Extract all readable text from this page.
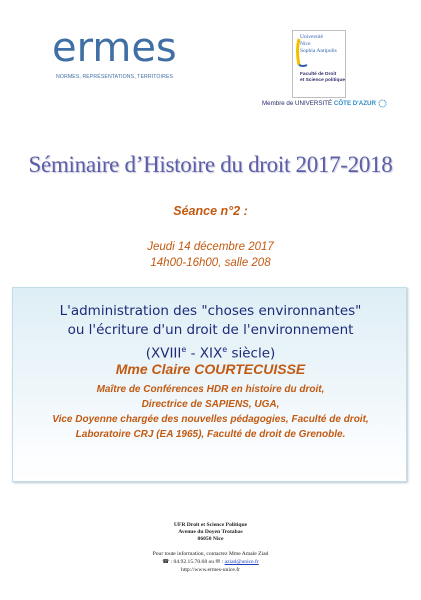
ermes
NORMES, REPRÉSENTATIONS, TERRITOIRES
Université
Nice
Sophia Antipolis
Faculté de Droit
et Science politique
Membre de UNIVERSITÉ CÔTE D'AZUR
Séminaire d’Histoire du droit 2017-2018
Séance n°2 :
Jeudi 14 décembre 2017
14h00-16h00, salle 208
L'administration des "choses environnantes"
ou l'écriture d'un droit de l'environnement
(XVIIIe - XIXe siècle)
Mme Claire COURTECUISSE
Maître de Conférences HDR en histoire du droit,
Directrice de SAPIENS, UGA,
Vice Doyenne chargée des nouvelles pédagogies, Faculté de droit,
Laboratoire CRJ (EA 1965), Faculté de droit de Grenoble.
UFR Droit et Science Politique
Avenue du Doyen Trotabas
06050 Nice
Pour toute information, contactez Mme Amale Ziad
☎ : 04.92.15.70.68 ou ✉ : aziad@unice.fr
http://www.ermes-unice.fr
